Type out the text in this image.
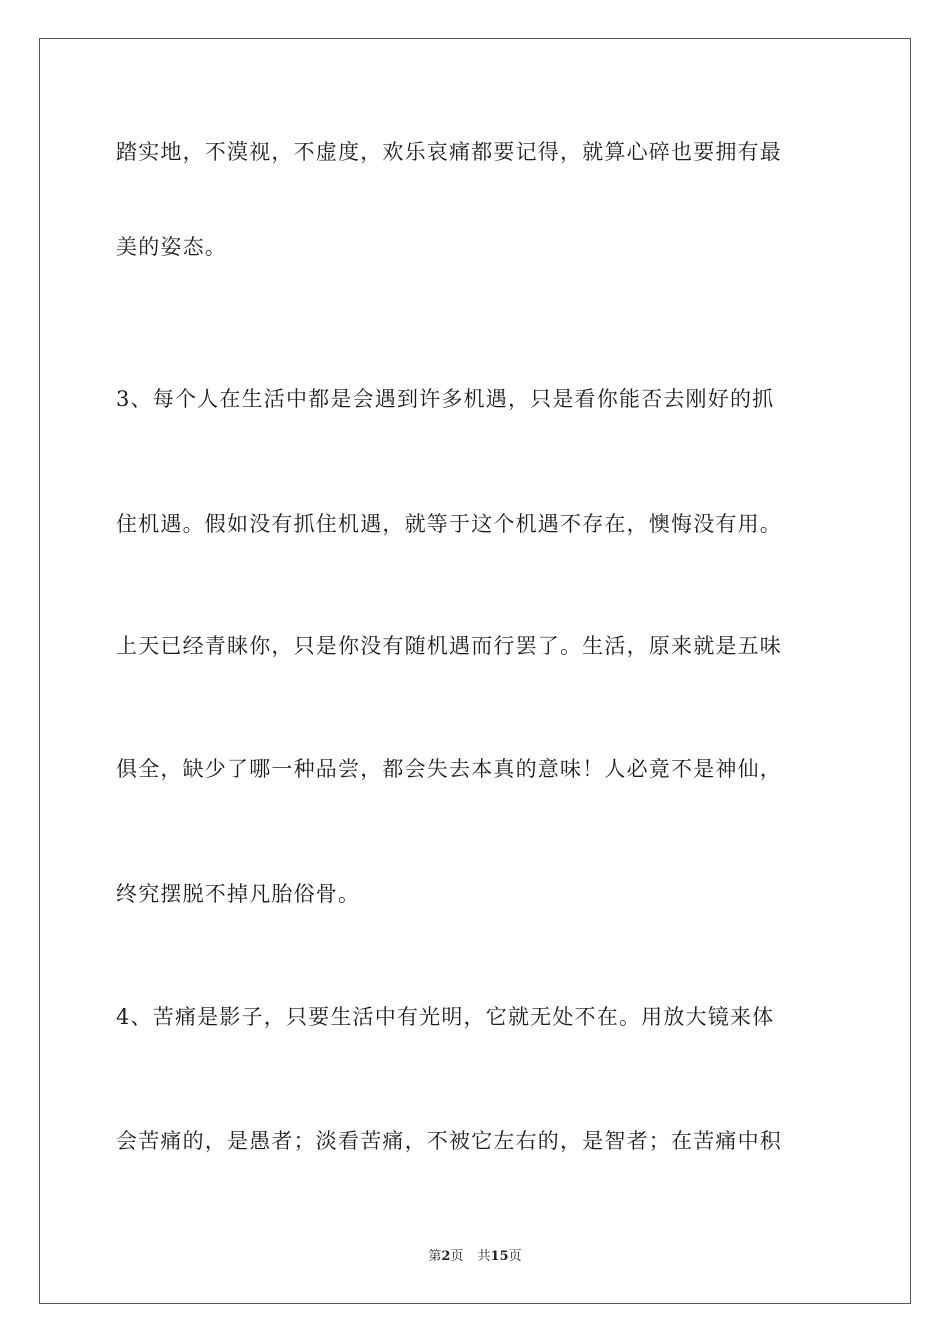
踏实地，不漠视，不虚度，欢乐哀痛都要记得，就算心碎也要拥有最
美的姿态。
3、每个人在生活中都是会遇到许多机遇，只是看你能否去刚好的抓
住机遇。假如没有抓住机遇，就等于这个机遇不存在，懊悔没有用。
上天已经青睐你，只是你没有随机遇而行罢了。生活，原来就是五味
俱全，缺少了哪一种品尝，都会失去本真的意味！人必竟不是神仙，
终究摆脱不掉凡胎俗骨。
4、苦痛是影子，只要生活中有光明，它就无处不在。用放大镜来体
会苦痛的，是愚者；淡看苦痛，不被它左右的，是智者；在苦痛中积
第2页 共15页
